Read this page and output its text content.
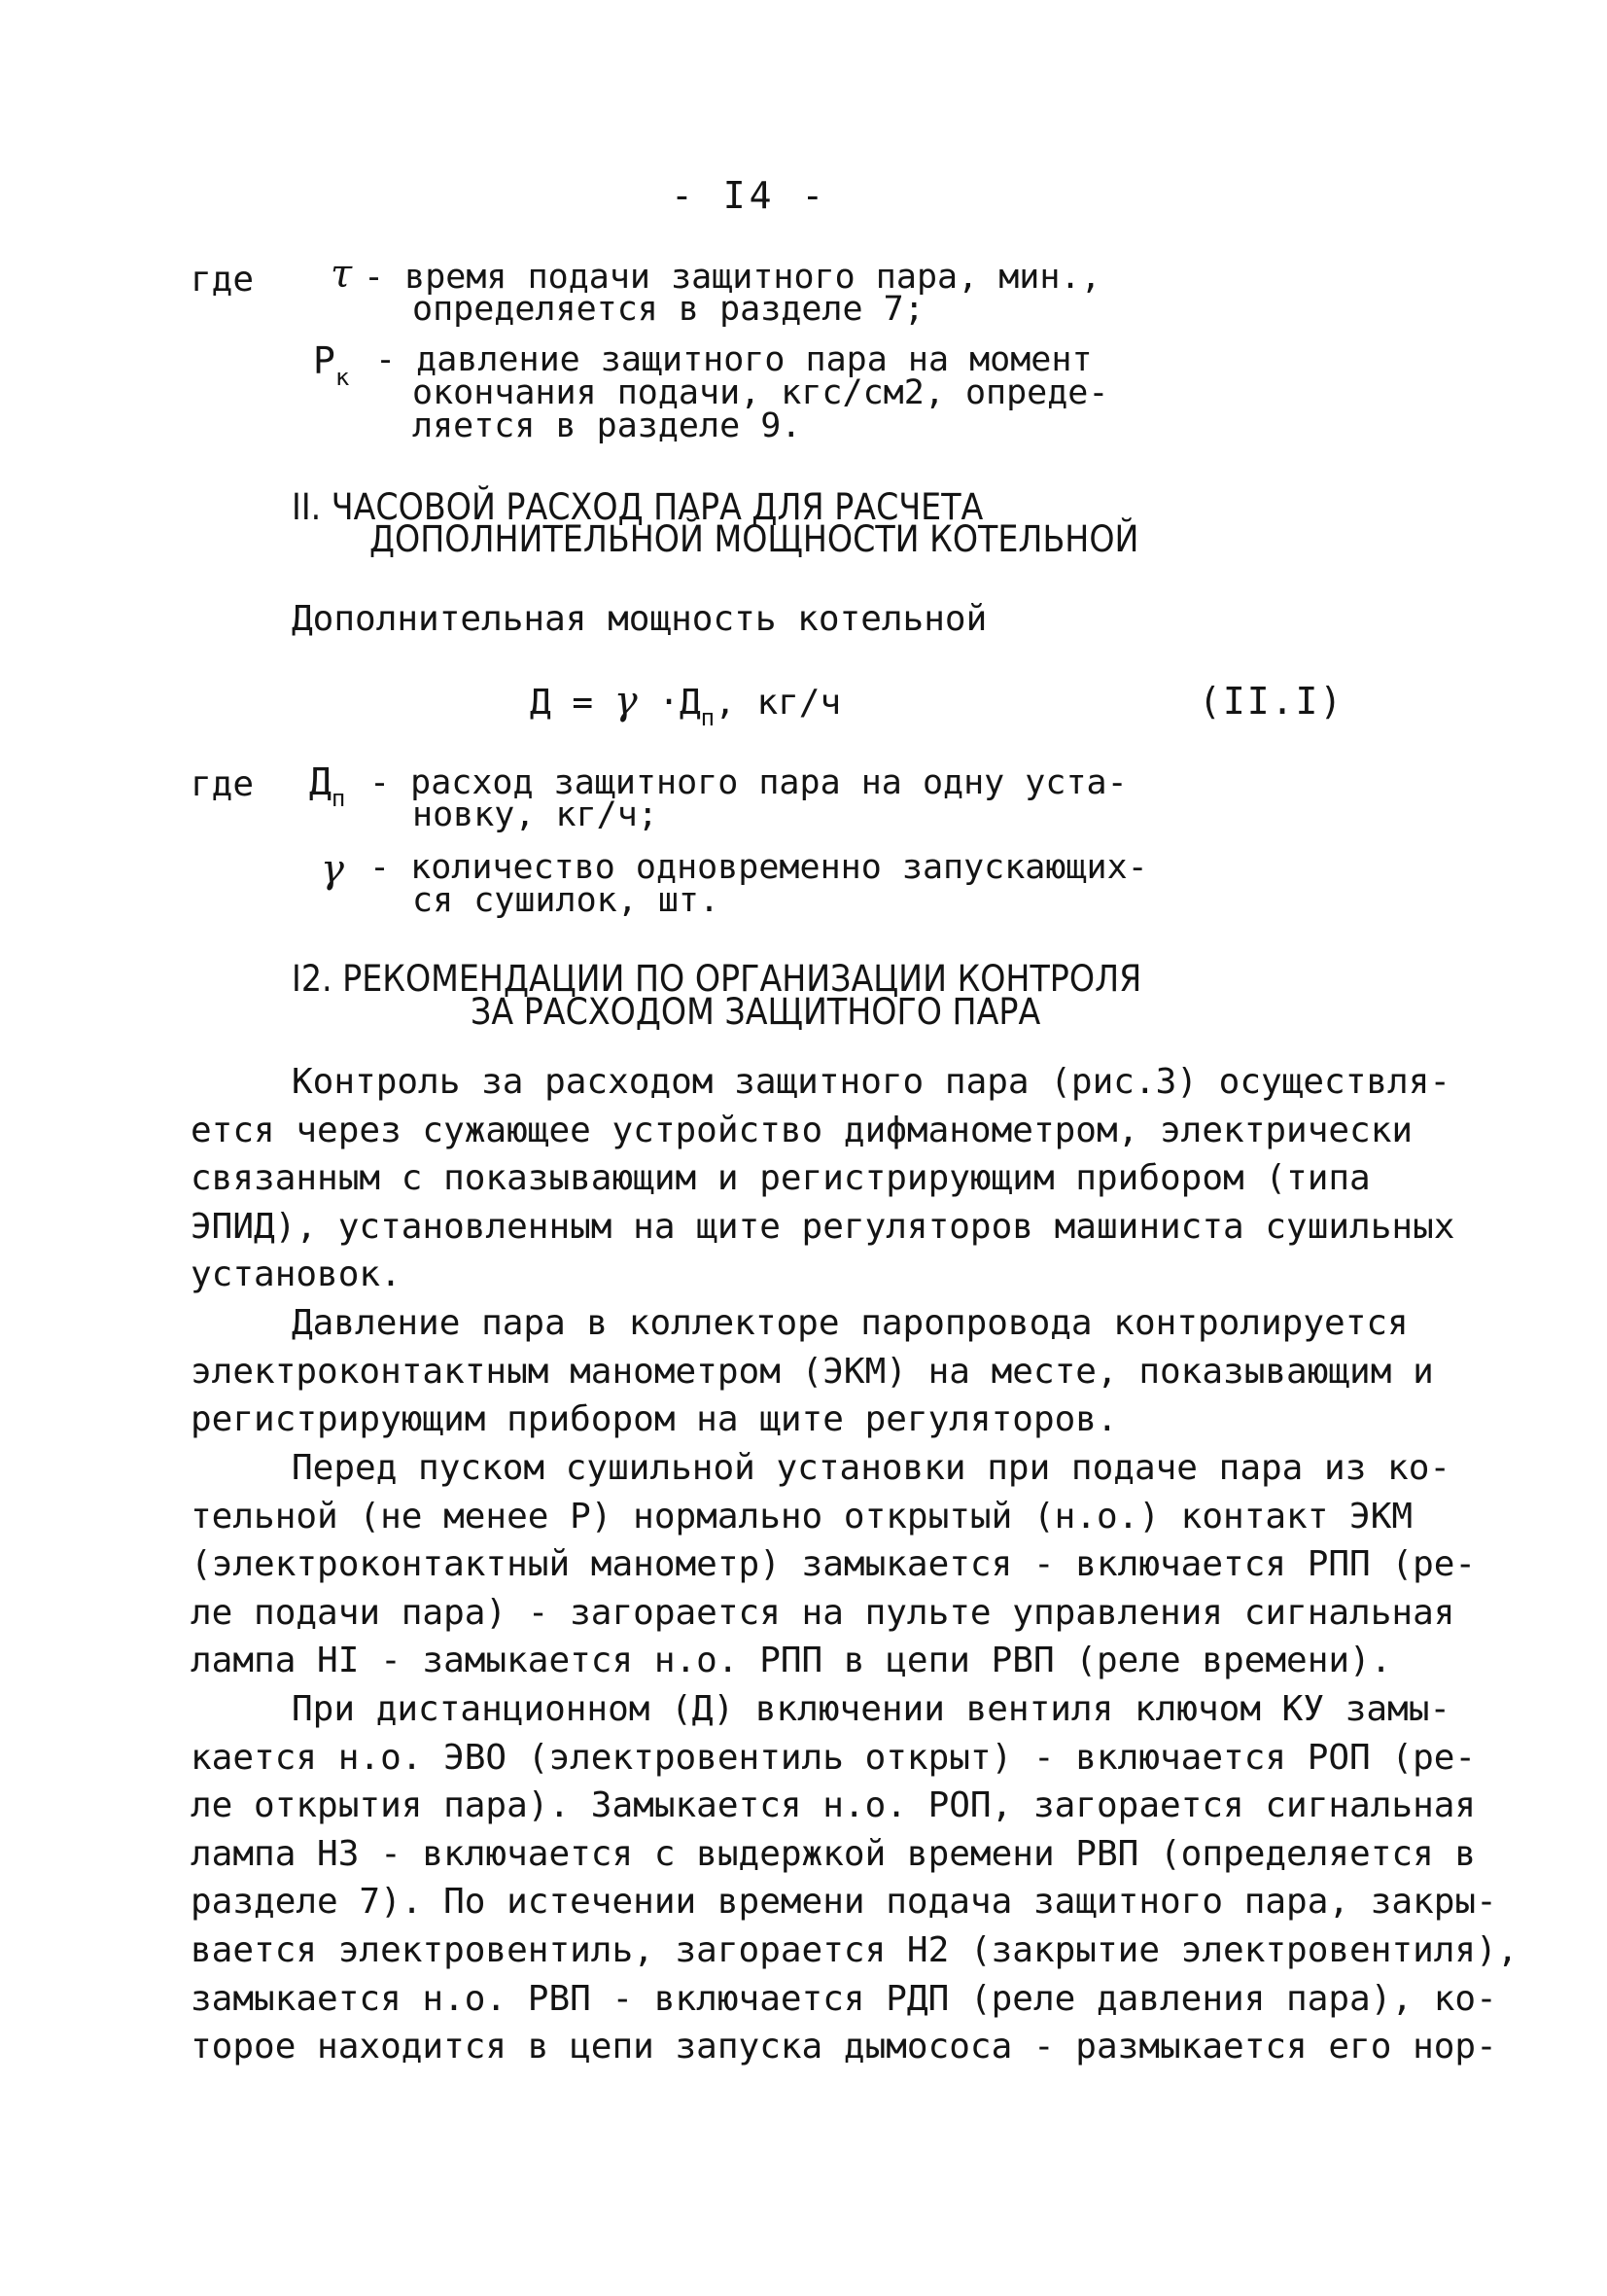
- I4 -
где τ - время подачи защитного пара, мин.,
определяется в разделе 7;
$P_к$ - давление защитного пара на момент
окончания подачи, кгс/см2, опреде-
ляется в разделе 9.
II. ЧАСОВОЙ РАСХОД ПАРА ДЛЯ РАСЧЕТА
ДОПОЛНИТЕЛЬНОЙ МОЩНОСТИ КОТЕЛЬНОЙ
Дополнительная мощность котельной
$Д = \gamma \cdot Д_п$, кг/ч	(II.I)
где $Д_п$ - расход защитного пара на одну уста-
новку, кг/ч;
γ - количество одновременно запускающих-
ся сушилок, шт.
I2. РЕКОМЕНДАЦИИ ПО ОРГАНИЗАЦИИ КОНТРОЛЯ
ЗА РАСХОДОМ ЗАЩИТНОГО ПАРА
Контроль за расходом защитного пара (рис.3) осуществля-
ется через сужающее устройство дифманометром, электрически
связанным с показывающим и регистрирующим прибором (типа
ЭПИД), установленным на щите регуляторов машиниста сушильных
установок.
Давление пара в коллекторе паропровода контролируется
электроконтактным манометром (ЭКМ) на месте, показывающим и
регистрирующим прибором на щите регуляторов.
Перед пуском сушильной установки при подаче пара из ко-
тельной (не менее Р) нормально открытый (н.о.) контакт ЭКМ
(электроконтактный манометр) замыкается - включается РПП (ре-
ле подачи пара) - загорается на пульте управления сигнальная
лампа HI - замыкается н.о. РПП в цепи РВП (реле времени).
При дистанционном (Д) включении вентиля ключом КУ замы-
кается н.о. ЭВО (электровентиль открыт) - включается РОП (ре-
ле открытия пара). Замыкается н.о. РОП, загорается сигнальная
лампа НЗ - включается с выдержкой времени РВП (определяется в
разделе 7). По истечении времени подача защитного пара, закры-
вается электровентиль, загорается Н2 (закрытие электровентиля),
замыкается н.о. РВП - включается РДП (реле давления пара), ко-
торое находится в цепи запуска дымососа - размыкается его нор-
